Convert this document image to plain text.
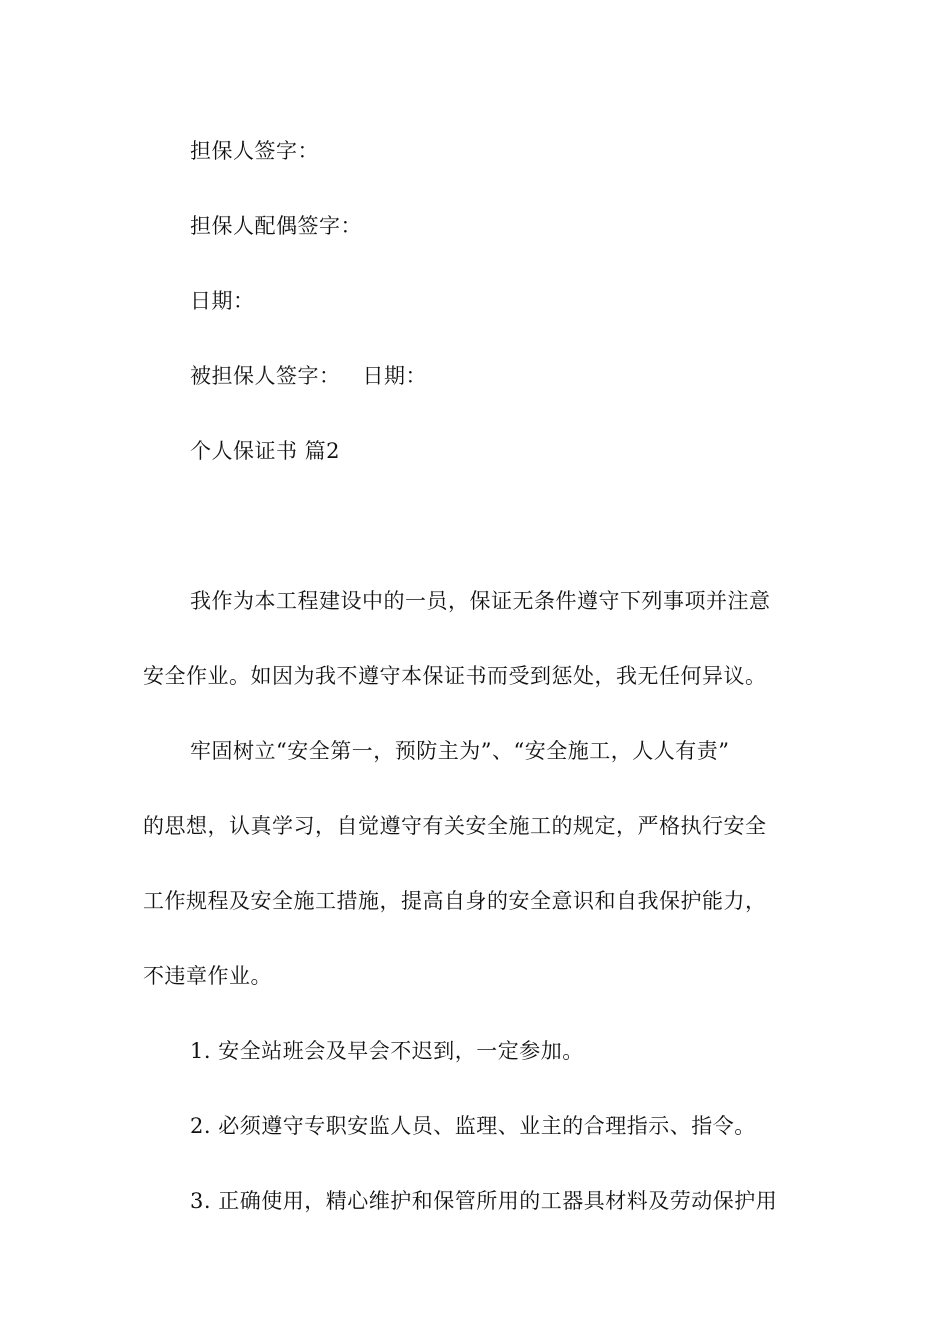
担保人签字：
担保人配偶签字：
日期：
被担保人签字： 日期：
个人保证书 篇2
我作为本工程建设中的一员，保证无条件遵守下列事项并注意
安全作业。如因为我不遵守本保证书而受到惩处，我无任何异议。
牢固树立“安全第一，预防主为”、“安全施工，人人有责”
的思想，认真学习，自觉遵守有关安全施工的规定，严格执行安全
工作规程及安全施工措施，提高自身的安全意识和自我保护能力，
不违章作业。
1. 安全站班会及早会不迟到，一定参加。
2. 必须遵守专职安监人员、监理、业主的合理指示、指令。
3. 正确使用，精心维护和保管所用的工器具材料及劳动保护用
